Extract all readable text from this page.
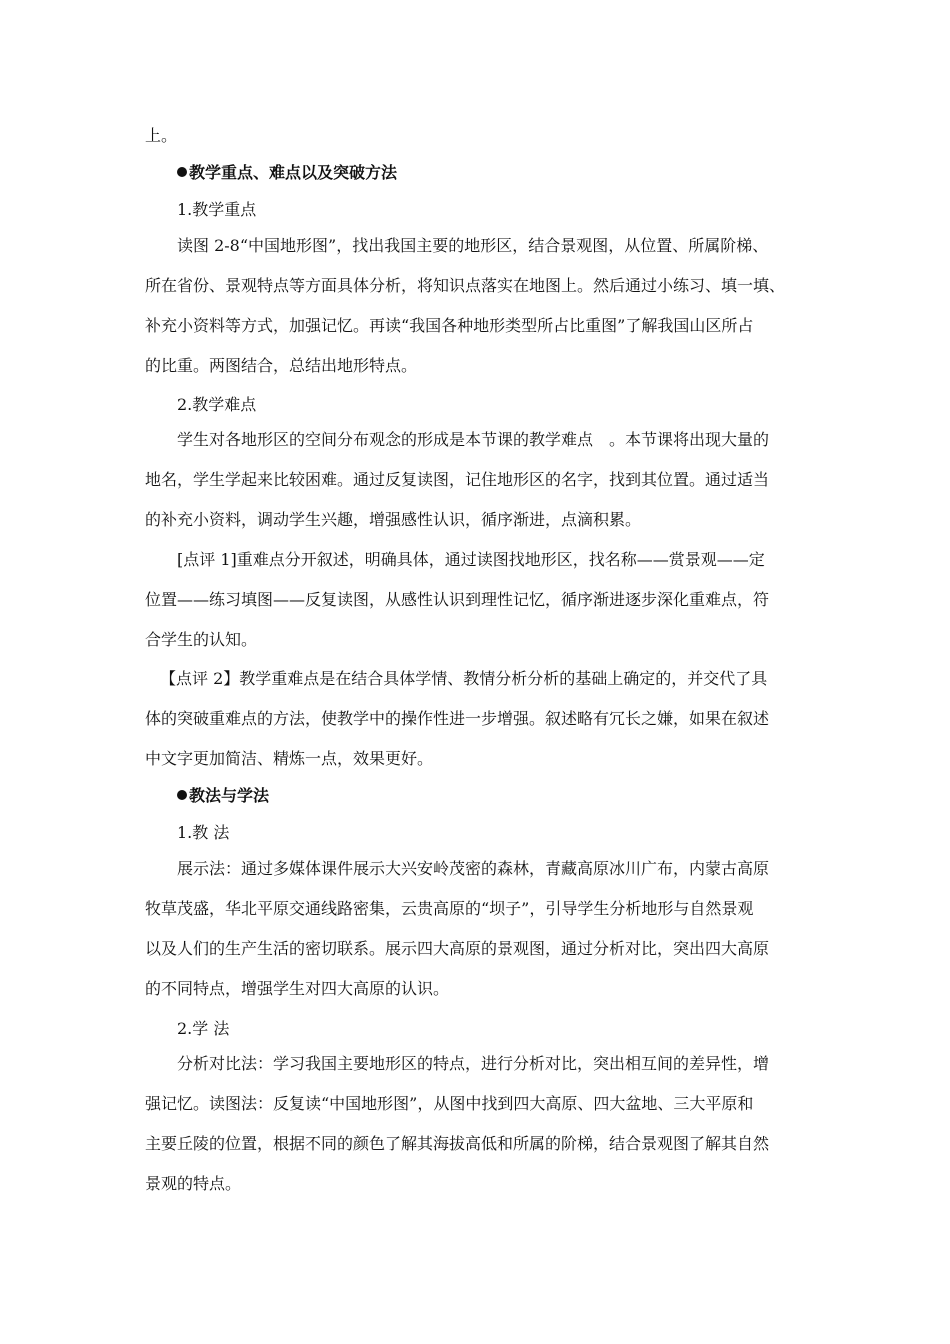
上。
教学重点、难点以及突破方法
1.教学重点
读图 2-8“中国地形图”，找出我国主要的地形区，结合景观图，从位置、所属阶梯、
所在省份、景观特点等方面具体分析，将知识点落实在地图上。然后通过小练习、填一填、
补充小资料等方式，加强记忆。再读“我国各种地形类型所占比重图”了解我国山区所占
的比重。两图结合，总结出地形特点。
2.教学难点
学生对各地形区的空间分布观念的形成是本节课的教学难点　。本节课将出现大量的
地名，学生学起来比较困难。通过反复读图，记住地形区的名字，找到其位置。通过适当
的补充小资料，调动学生兴趣，增强感性认识，循序渐进，点滴积累。
[点评 1]重难点分开叙述，明确具体，通过读图找地形区，找名称——赏景观——定
位置——练习填图——反复读图，从感性认识到理性记忆，循序渐进逐步深化重难点，符
合学生的认知。
【点评 2】教学重难点是在结合具体学情、教情分析分析的基础上确定的，并交代了具
体的突破重难点的方法，使教学中的操作性进一步增强。叙述略有冗长之嫌，如果在叙述
中文字更加简洁、精炼一点，效果更好。
教法与学法
1.教 法
展示法：通过多媒体课件展示大兴安岭茂密的森林，青藏高原冰川广布，内蒙古高原
牧草茂盛，华北平原交通线路密集，云贵高原的“坝子”，引导学生分析地形与自然景观
以及人们的生产生活的密切联系。展示四大高原的景观图，通过分析对比，突出四大高原
的不同特点，增强学生对四大高原的认识。
2.学 法
分析对比法：学习我国主要地形区的特点，进行分析对比，突出相互间的差异性，增
强记忆。读图法：反复读“中国地形图”，从图中找到四大高原、四大盆地、三大平原和
主要丘陵的位置，根据不同的颜色了解其海拔高低和所属的阶梯，结合景观图了解其自然
景观的特点。
